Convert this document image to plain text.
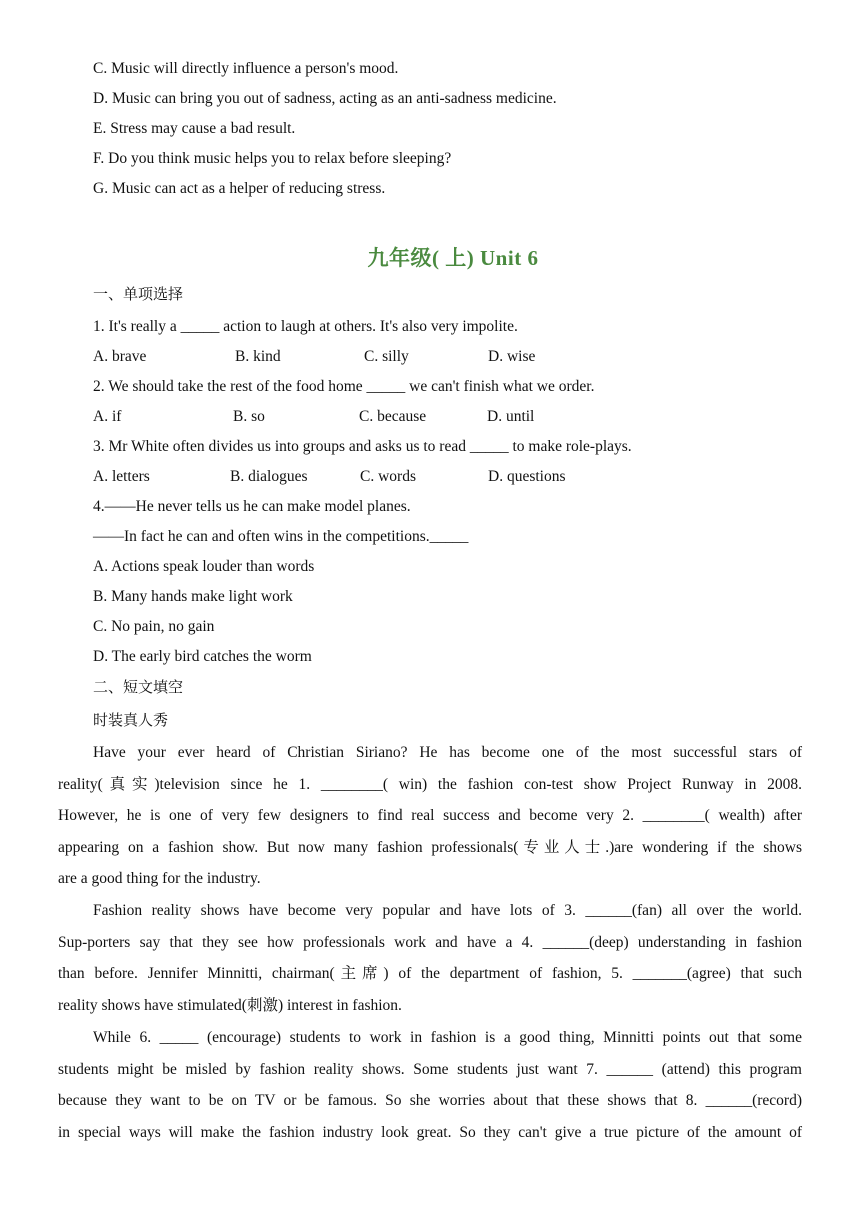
C. Music will directly influence a person's mood.
D. Music can bring you out of sadness, acting as an anti-sadness medicine.
E. Stress may cause a bad result.
F. Do you think music helps you to relax before sleeping?
G. Music can act as a helper of reducing stress.
九年级( 上) Unit 6
一、单项选择
1. It's really a _____ action to laugh at others. It's also very impolite.
A. brave	B. kind	C. silly	D. wise
2. We should take the rest of the food home _____ we can't finish what we order.
A. if	B. so	C. because	D. until
3. Mr White often divides us into groups and asks us to read _____ to make role-plays.
A. letters	B. dialogues	C. words	D. questions
4.——He never tells us he can make model planes.
——In fact he can and often wins in the competitions._____
A. Actions speak louder than words
B. Many hands make light work
C. No pain, no gain
D. The early bird catches the worm
二、短文填空
时装真人秀
Have your ever heard of Christian Siriano? He has become one of the most successful stars of
reality(真实)television since he 1. ________( win) the fashion con-test show Project Runway in 2008.
However, he is one of very few designers to find real success and become very 2. ________( wealth) after
appearing on a fashion show. But now many fashion professionals(专业人士.)are wondering if the shows
are a good thing for the industry.
Fashion reality shows have become very popular and have lots of 3. ______(fan) all over the world.
Sup-porters say that they see how professionals work and have a 4. ______(deep) understanding in fashion
than before. Jennifer Minnitti, chairman(主席) of the department of fashion, 5. _______(agree) that such
reality shows have stimulated(刺激) interest in fashion.
While 6. _____ (encourage) students to work in fashion is a good thing, Minnitti points out that some
students might be misled by fashion reality shows. Some students just want 7. ______ (attend) this program
because they want to be on TV or be famous. So she worries about that these shows that 8. ______(record)
in special ways will make the fashion industry look great. So they can't give a true picture of the amount of
